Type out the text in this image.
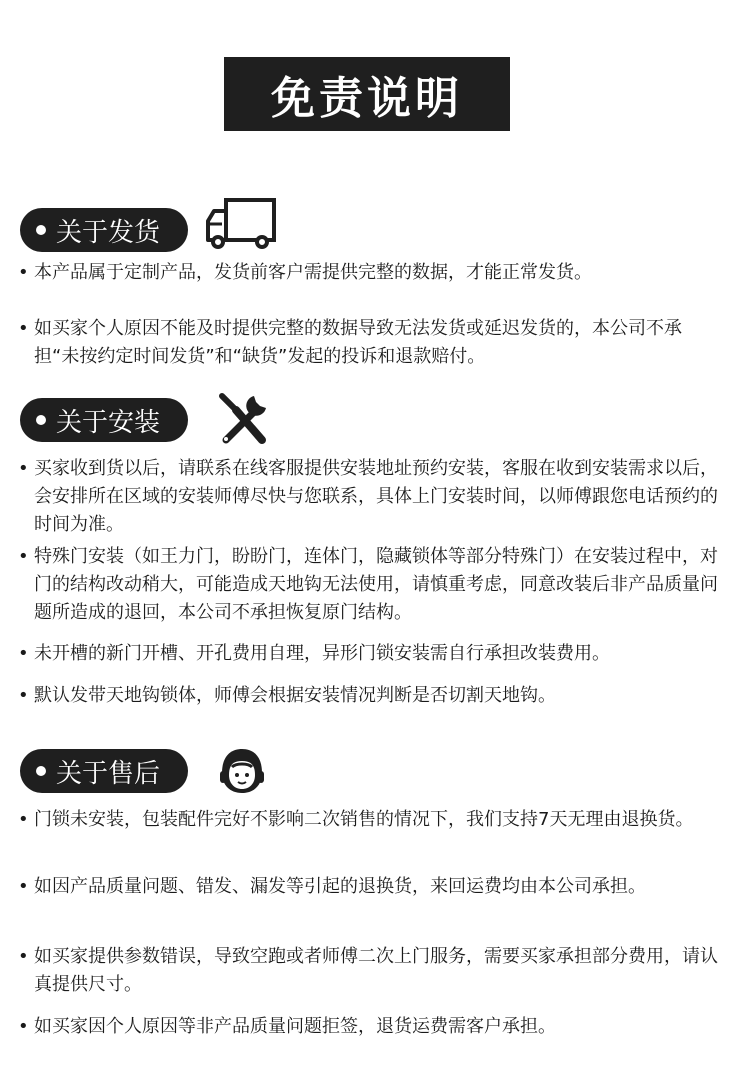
免责说明
关于发货
• 本产品属于定制产品，发货前客户需提供完整的数据，才能正常发货。
• 如买家个人原因不能及时提供完整的数据导致无法发货或延迟发货的，本公司不承担“未按约定时间发货”和“缺货”发起的投诉和退款赔付。
关于安装
• 买家收到货以后，请联系在线客服提供安装地址预约安装，客服在收到安装需求以后，会安排所在区域的安装师傅尽快与您联系，具体上门安装时间，以师傅跟您电话预约的时间为准。
• 特殊门安装（如王力门，盼盼门，连体门，隐藏锁体等部分特殊门）在安装过程中，对门的结构改动稍大，可能造成天地钩无法使用，请慎重考虑，同意改装后非产品质量问题所造成的退回，本公司不承担恢复原门结构。
• 未开槽的新门开槽、开孔费用自理，异形门锁安装需自行承担改装费用。
• 默认发带天地钩锁体，师傅会根据安装情况判断是否切割天地钩。
关于售后
• 门锁未安装，包装配件完好不影响二次销售的情况下，我们支持7天无理由退换货。
• 如因产品质量问题、错发、漏发等引起的退换货，来回运费均由本公司承担。
• 如买家提供参数错误，导致空跑或者师傅二次上门服务，需要买家承担部分费用，请认真提供尺寸。
• 如买家因个人原因等非产品质量问题拒签，退货运费需客户承担。
